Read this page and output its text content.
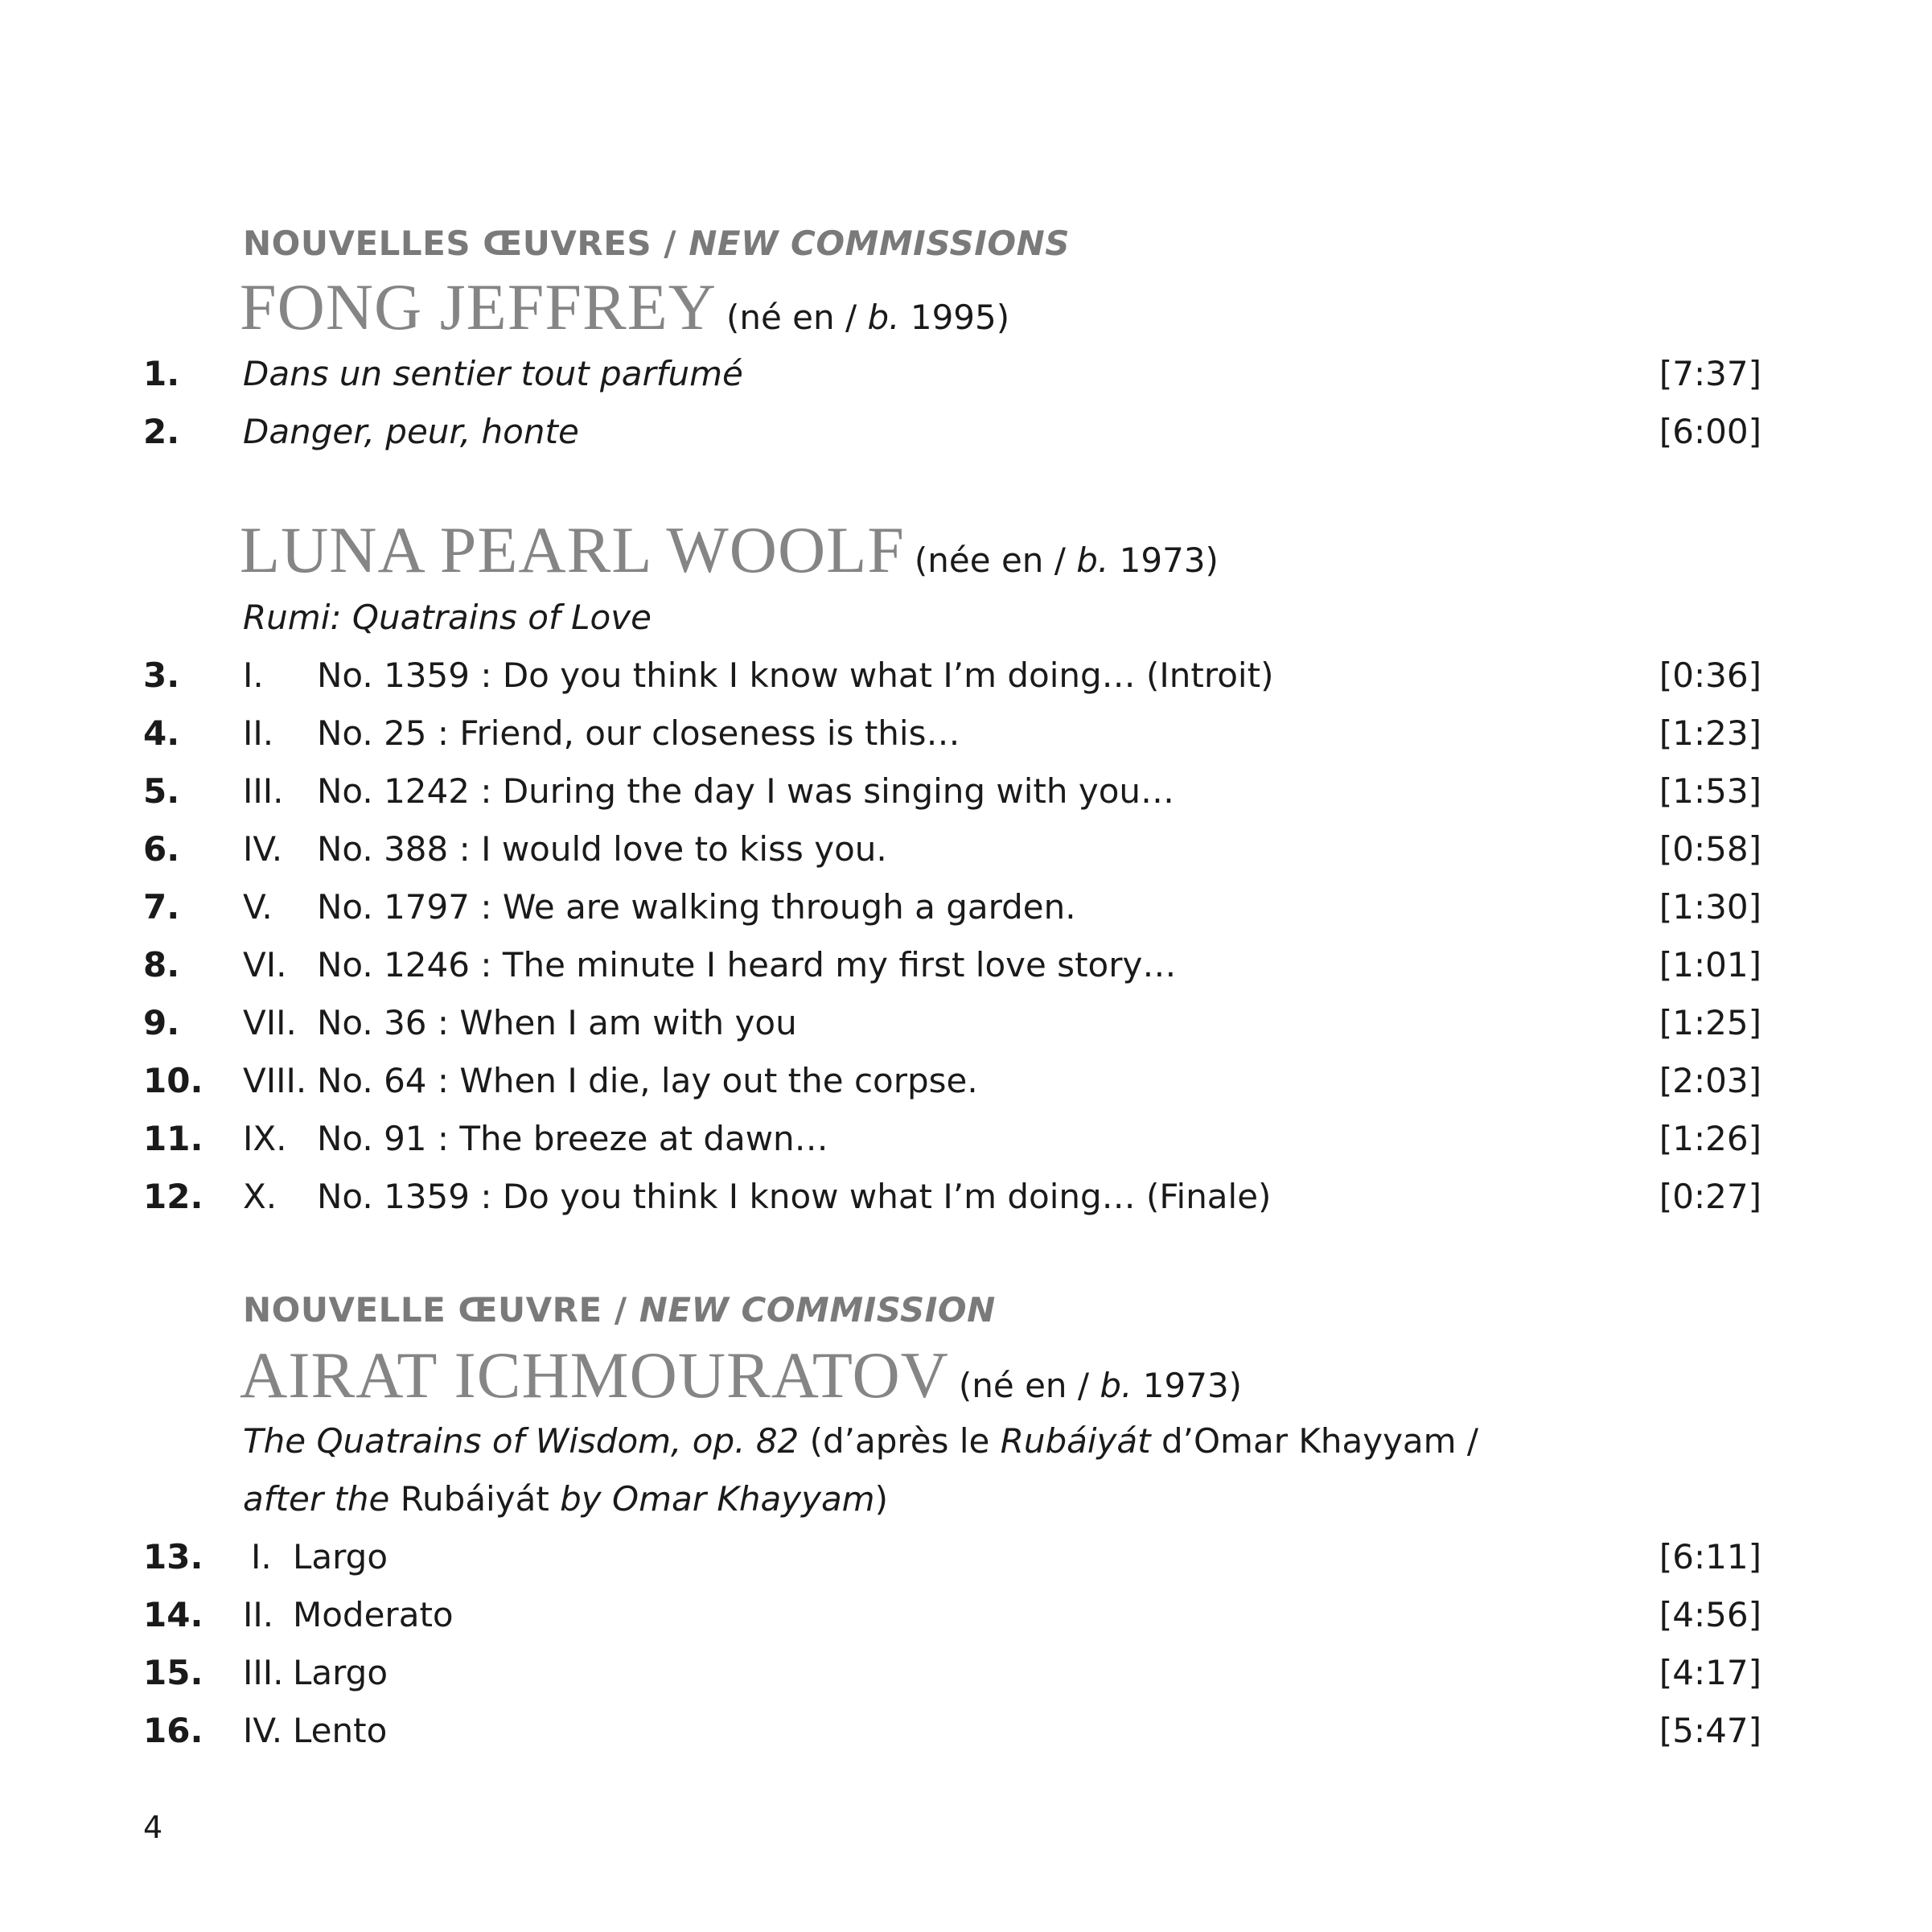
NOUVELLES ŒUVRES / NEW COMMISSIONS
FONG JEFFREY (né en / b. 1995)
1. Dans un sentier tout parfumé	[7:37]
2. Danger, peur, honte	[6:00]
LUNA PEARL WOOLF (née en / b. 1973)
Rumi: Quatrains of Love
3. I. No. 1359 : Do you think I know what I’m doing… (Introit)	[0:36]
4. II. No. 25 : Friend, our closeness is this…	[1:23]
5. III. No. 1242 : During the day I was singing with you…	[1:53]
6. IV. No. 388 : I would love to kiss you.	[0:58]
7. V. No. 1797 : We are walking through a garden.	[1:30]
8. VI. No. 1246 : The minute I heard my first love story…	[1:01]
9. VII. No. 36 : When I am with you	[1:25]
10. VIII. No. 64 : When I die, lay out the corpse.	[2:03]
11. IX. No. 91 : The breeze at dawn…	[1:26]
12. X. No. 1359 : Do you think I know what I’m doing… (Finale)	[0:27]
NOUVELLE ŒUVRE / NEW COMMISSION
AIRAT ICHMOURATOV (né en / b. 1973)
The Quatrains of Wisdom, op. 82 (d’après le Rubáiyát d’Omar Khayyam /
after the Rubáiyát by Omar Khayyam)
13. I. Largo	[6:11]
14. II. Moderato	[4:56]
15. III. Largo	[4:17]
16. IV. Lento	[5:47]
4
